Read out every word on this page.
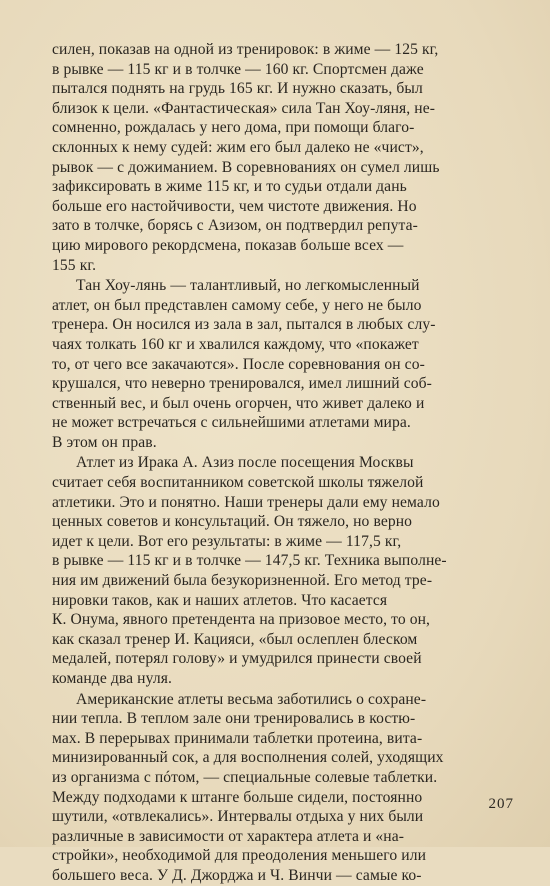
силен, показав на одной из тренировок: в жиме — 125 кг,
в рывке — 115 кг и в толчке — 160 кг. Спортсмен даже
пытался поднять на грудь 165 кг. И нужно сказать, был
близок к цели. «Фантастическая» сила Тан Хоу-ляня, не-
сомненно, рождалась у него дома, при помощи благо-
склонных к нему судей: жим его был далеко не «чист»,
рывок — с дожиманием. В соревнованиях он сумел лишь
зафиксировать в жиме 115 кг, и то судьи отдали дань
больше его настойчивости, чем чистоте движения. Но
зато в толчке, борясь с Азизом, он подтвердил репута-
цию мирового рекордсмена, показав больше всех —
155 кг.

Тан Хоу-лянь — талантливый, но легкомысленный
атлет, он был представлен самому себе, у него не было
тренера. Он носился из зала в зал, пытался в любых слу-
чаях толкать 160 кг и хвалился каждому, что «покажет
то, от чего все закачаются». После соревнования он со-
крушался, что неверно тренировался, имел лишний соб-
ственный вес, и был очень огорчен, что живет далеко и
не может встречаться с сильнейшими атлетами мира.
В этом он прав.

Атлет из Ирака А. Азиз после посещения Москвы
считает себя воспитанником советской школы тяжелой
атлетики. Это и понятно. Наши тренеры дали ему немало
ценных советов и консультаций. Он тяжело, но верно
идет к цели. Вот его результаты: в жиме — 117,5 кг,
в рывке — 115 кг и в толчке — 147,5 кг. Техника выполне-
ния им движений была безукоризненной. Его метод тре-
нировки таков, как и наших атлетов. Что касается
К. Онума, явного претендента на призовое место, то он,
как сказал тренер И. Кацияси, «был ослеплен блеском
медалей, потерял голову» и умудрился принести своей
команде два нуля.

Американские атлеты весьма заботились о сохране-
нии тепла. В теплом зале они тренировались в костю-
мах. В перерывах принимали таблетки протеина, вита-
минизированный сок, а для восполнения солей, уходящих
из организма с пóтом, — специальные солевые таблетки.
Между подходами к штанге больше сидели, постоянно
шутили, «отвлекались». Интервалы отдыха у них были
различные в зависимости от характера атлета и «на-
стройки», необходимой для преодоления меньшего или
большего веса. У Д. Джорджа и Ч. Винчи — самые ко-

207
